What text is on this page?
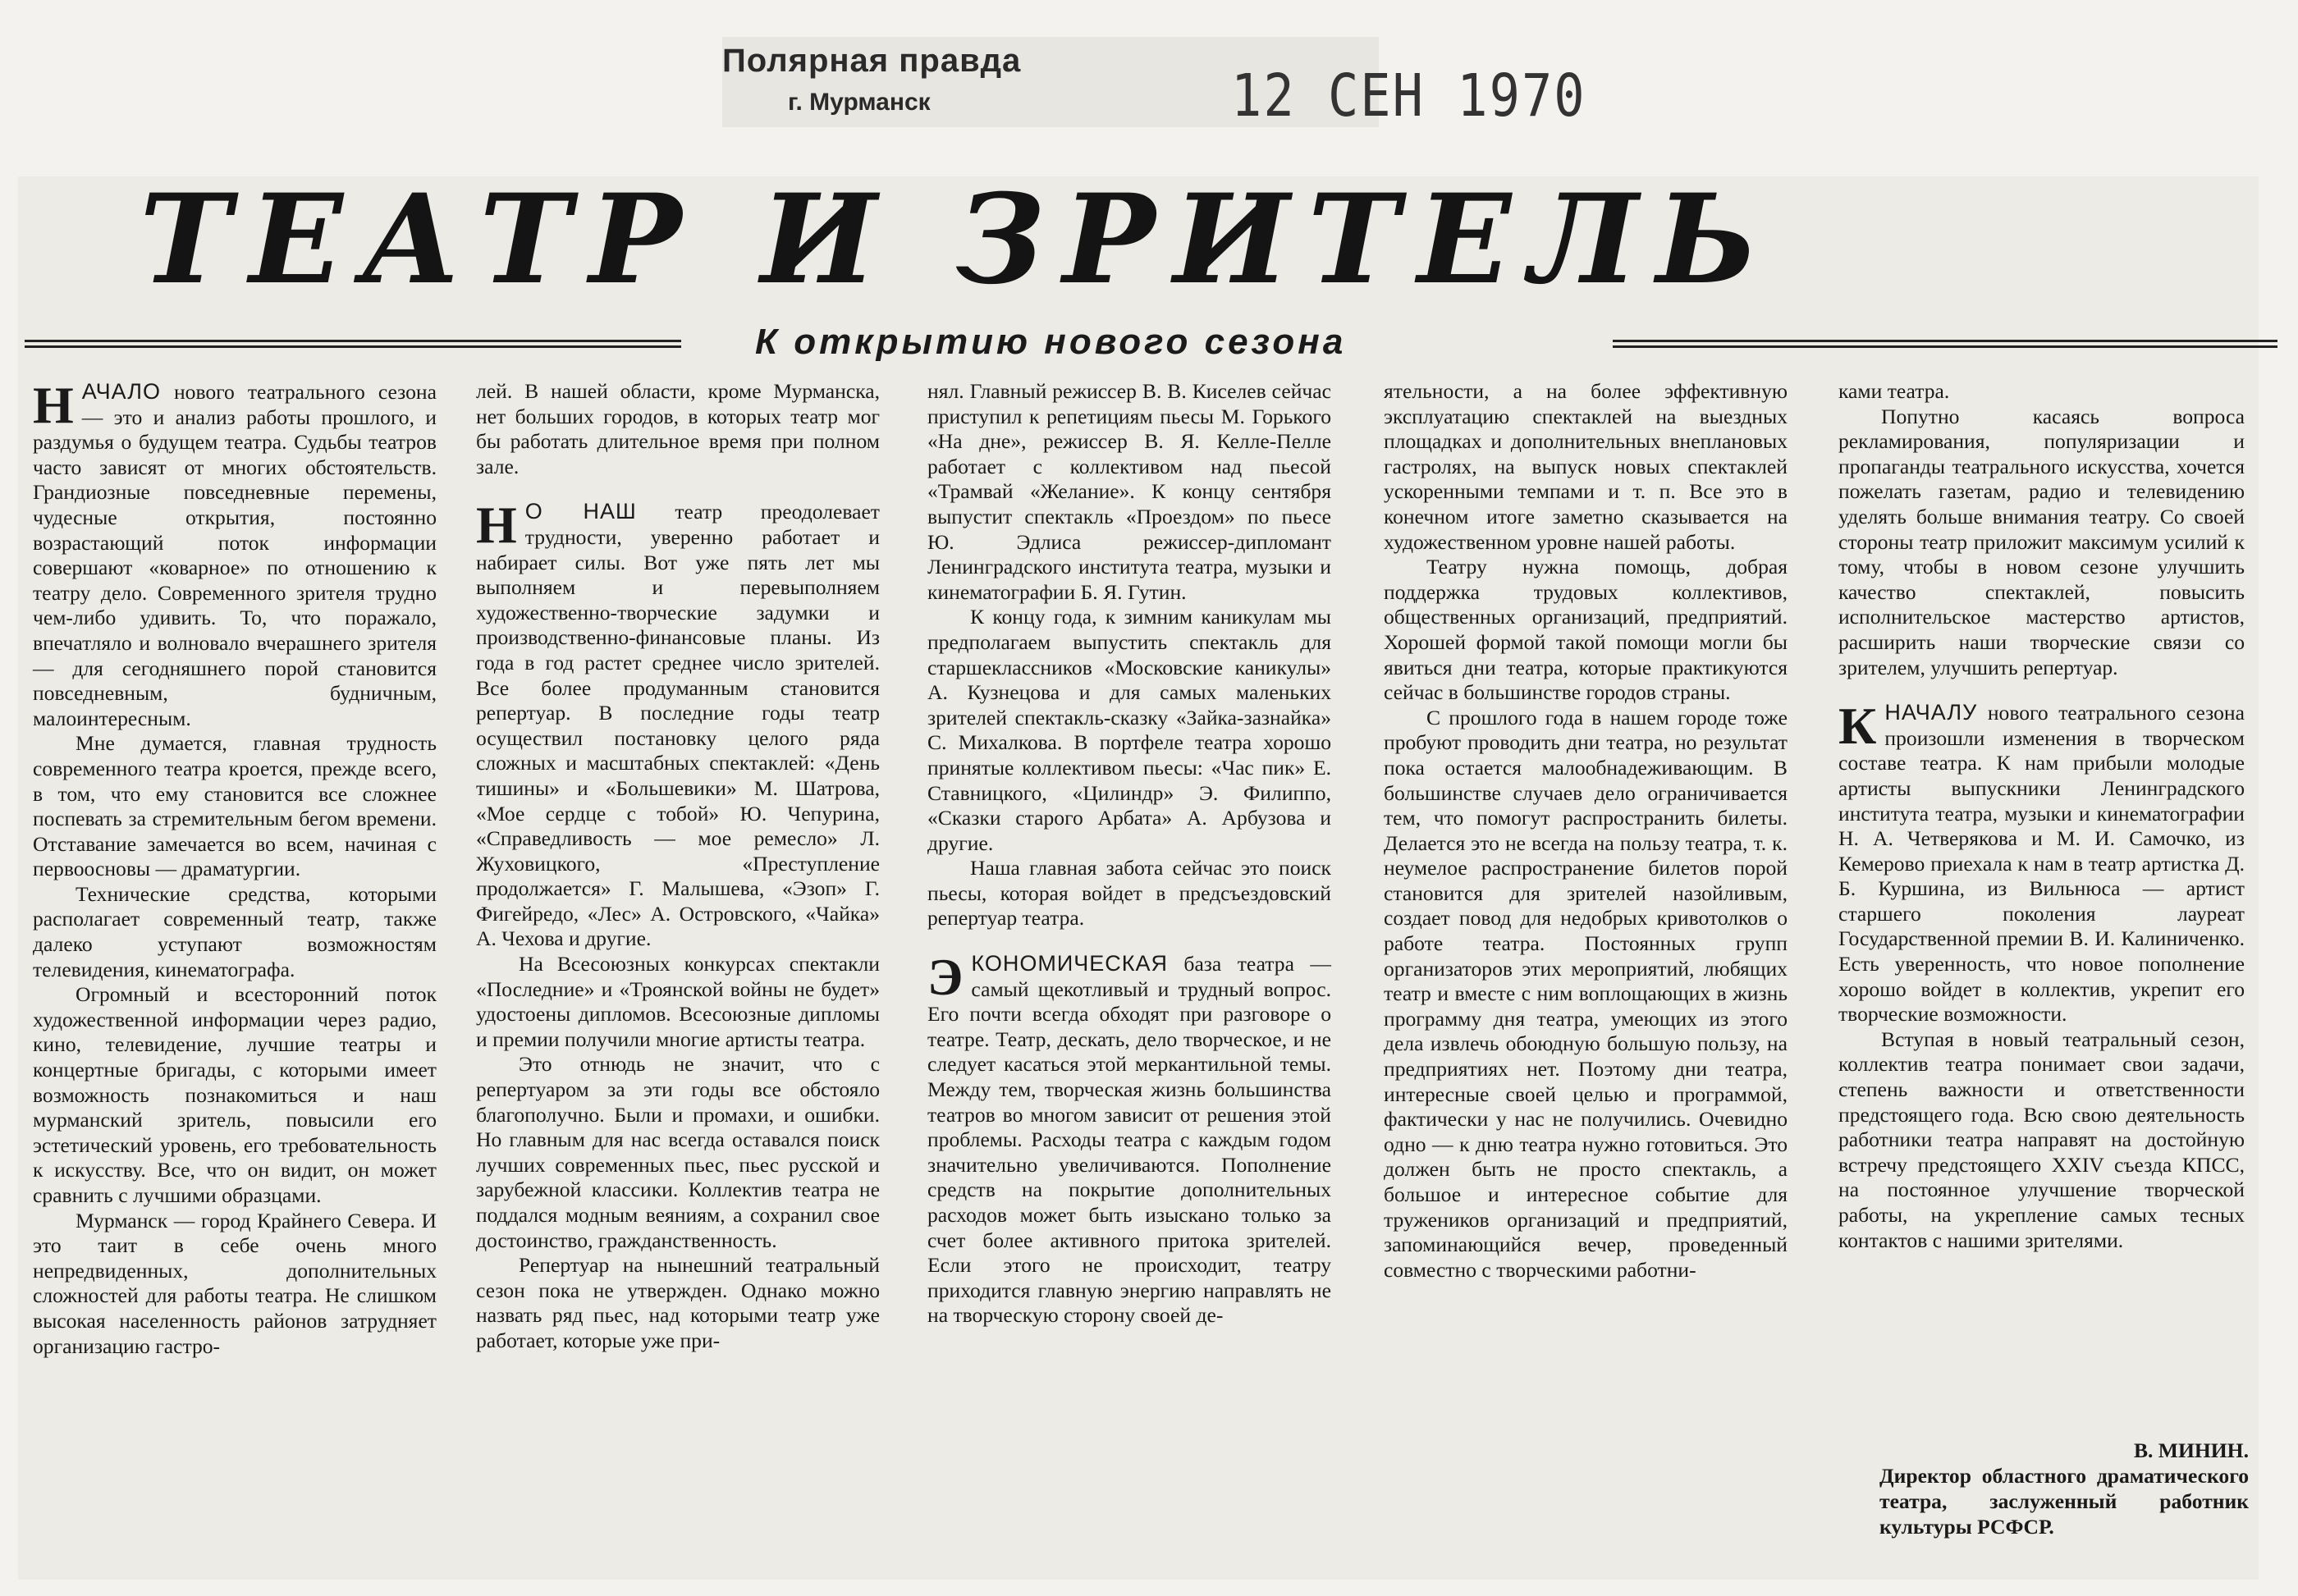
Полярная правда
г. Мурманск	12 СЕН 1970

ТЕАТР И ЗРИТЕЛЬ
К открытию нового сезона

НАЧАЛО нового театрального сезона — это и анализ работы прошлого, и раздумья о будущем театра. Судьбы театров часто зависят от многих обстоятельств. Грандиозные повседневные перемены, чудесные открытия, постоянно возрастающий поток информации совершают «коварное» по отношению к театру дело. Современного зрителя трудно чем-либо удивить. То, что поражало, впечатляло и волновало вчерашнего зрителя — для сегодняшнего порой становится повседневным, будничным, малоинтересным.

Мне думается, главная трудность современного театра кроется, прежде всего, в том, что ему становится все сложнее поспевать за стремительным бегом времени. Отставание замечается во всем, начиная с первоосновы — драматургии.

Технические средства, которыми располагает современный театр, также далеко уступают возможностям телевидения, кинематографа.

Огромный и всесторонний поток художественной информации через радио, кино, телевидение, лучшие театры и концертные бригады, с которыми имеет возможность познакомиться и наш мурманский зритель, повысили его эстетический уровень, его требовательность к искусству. Все, что он видит, он может сравнить с лучшими образцами.

Мурманск — город Крайнего Севера. И это таит в себе очень много непредвиденных, дополнительных сложностей для работы театра. Не слишком высокая населенность районов затрудняет организацию гастро-

лей. В нашей области, кроме Мурманска, нет больших городов, в которых театр мог бы работать длительное время при полном зале.

Н О НАШ театр преодолевает трудности, уверенно работает и набирает силы. Вот уже пять лет мы выполняем и перевыполняем художественно-творческие задумки и производственно-финансовые планы. Из года в год растет среднее число зрителей. Все более продуманным становится репертуар. В последние годы театр осуществил постановку целого ряда сложных и масштабных спектаклей: «День тишины» и «Большевики» М. Шатрова, «Мое сердце с тобой» Ю. Чепурина, «Справедливость — мое ремесло» Л. Жуховицкого, «Преступление продолжается» Г. Малышева, «Эзоп» Г. Фигейредо, «Лес» А. Островского, «Чайка» А. Чехова и другие.

На Всесоюзных конкурсах спектакли «Последние» и «Троянской войны не будет» удостоены дипломов. Всесоюзные дипломы и премии получили многие артисты театра.

Это отнюдь не значит, что с репертуаром за эти годы все обстояло благополучно. Были и промахи, и ошибки. Но главным для нас всегда оставался поиск лучших современных пьес, пьес русской и зарубежной классики. Коллектив театра не поддался модным веяниям, а сохранил свое достоинство, гражданственность.

Репертуар на нынешний театральный сезон пока не утвержден. Однако можно назвать ряд пьес, над которыми театр уже работает, которые уже при-

нял. Главный режиссер В. В. Киселев сейчас приступил к репетициям пьесы М. Горького «На дне», режиссер В. Я. Келле-Пелле работает с коллективом над пьесой «Трамвай «Желание». К концу сентября выпустит спектакль «Проездом» по пьесе Ю. Эдлиса режиссер-дипломант Ленинградского института театра, музыки и кинематографии Б. Я. Гутин.

К концу года, к зимним каникулам мы предполагаем выпустить спектакль для старшеклассников «Московские каникулы» А. Кузнецова и для самых маленьких зрителей спектакль-сказку «Зайка-зазнайка» С. Михалкова. В портфеле театра хорошо принятые коллективом пьесы: «Час пик» Е. Ставницкого, «Цилиндр» Э. Филиппо, «Сказки старого Арбата» А. Арбузова и другие.

Наша главная забота сейчас это поиск пьесы, которая войдет в предсъездовский репертуар театра.

ЭКОНОМИЧЕСКАЯ база театра — самый щекотливый и трудный вопрос. Его почти всегда обходят при разговоре о театре. Театр, дескать, дело творческое, и не следует касаться этой меркантильной темы. Между тем, творческая жизнь большинства театров во многом зависит от решения этой проблемы. Расходы театра с каждым годом значительно увеличиваются. Пополнение средств на покрытие дополнительных расходов может быть изыскано только за счет более активного притока зрителей. Если этого не происходит, театру приходится главную энергию направлять не на творческую сторону своей де-

ятельности, а на более эффективную эксплуатацию спектаклей на выездных площадках и дополнительных внеплановых гастролях, на выпуск новых спектаклей ускоренными темпами и т. п. Все это в конечном итоге заметно сказывается на художественном уровне нашей работы.

Театру нужна помощь, добрая поддержка трудовых коллективов, общественных организаций, предприятий. Хорошей формой такой помощи могли бы явиться дни театра, которые практикуются сейчас в большинстве городов страны.

С прошлого года в нашем городе тоже пробуют проводить дни театра, но результат пока остается малообнадеживающим. В большинстве случаев дело ограничивается тем, что помогут распространить билеты. Делается это не всегда на пользу театра, т. к. неумелое распространение билетов порой становится для зрителей назойливым, создает повод для недобрых кривотолков о работе театра. Постоянных групп организаторов этих мероприятий, любящих театр и вместе с ним воплощающих в жизнь программу дня театра, умеющих из этого дела извлечь обоюдную большую пользу, на предприятиях нет. Поэтому дни театра, интересные своей целью и программой, фактически у нас не получились. Очевидно одно — к дню театра нужно готовиться. Это должен быть не просто спектакль, а большое и интересное событие для тружеников организаций и предприятий, запоминающийся вечер, проведенный совместно с творческими работни-

ками театра.

Попутно касаясь вопроса рекламирования, популяризации и пропаганды театрального искусства, хочется пожелать газетам, радио и телевидению уделять больше внимания театру. Со своей стороны театр приложит максимум усилий к тому, чтобы в новом сезоне улучшить качество спектаклей, повысить исполнительское мастерство артистов, расширить наши творческие связи со зрителем, улучшить репертуар.

КНАЧАЛУ нового театрального сезона произошли изменения в творческом составе театра. К нам прибыли молодые артисты выпускники Ленинградского института театра, музыки и кинематографии Н. А. Четверякова и М. И. Самочко, из Кемерово приехала к нам в театр артистка Д. Б. Куршина, из Вильнюса — артист старшего поколения лауреат Государственной премии В. И. Калиниченко. Есть уверенность, что новое пополнение хорошо войдет в коллектив, укрепит его творческие возможности.

Вступая в новый театральный сезон, коллектив театра понимает свои задачи, степень важности и ответственности предстоящего года. Всю свою деятельность работники театра направят на достойную встречу предстоящего XXIV съезда КПСС, на постоянное улучшение творческой работы, на укрепление самых тесных контактов с нашими зрителями.

В. МИНИН.
Директор областного драматического театра, заслуженный работник культуры РСФСР.
